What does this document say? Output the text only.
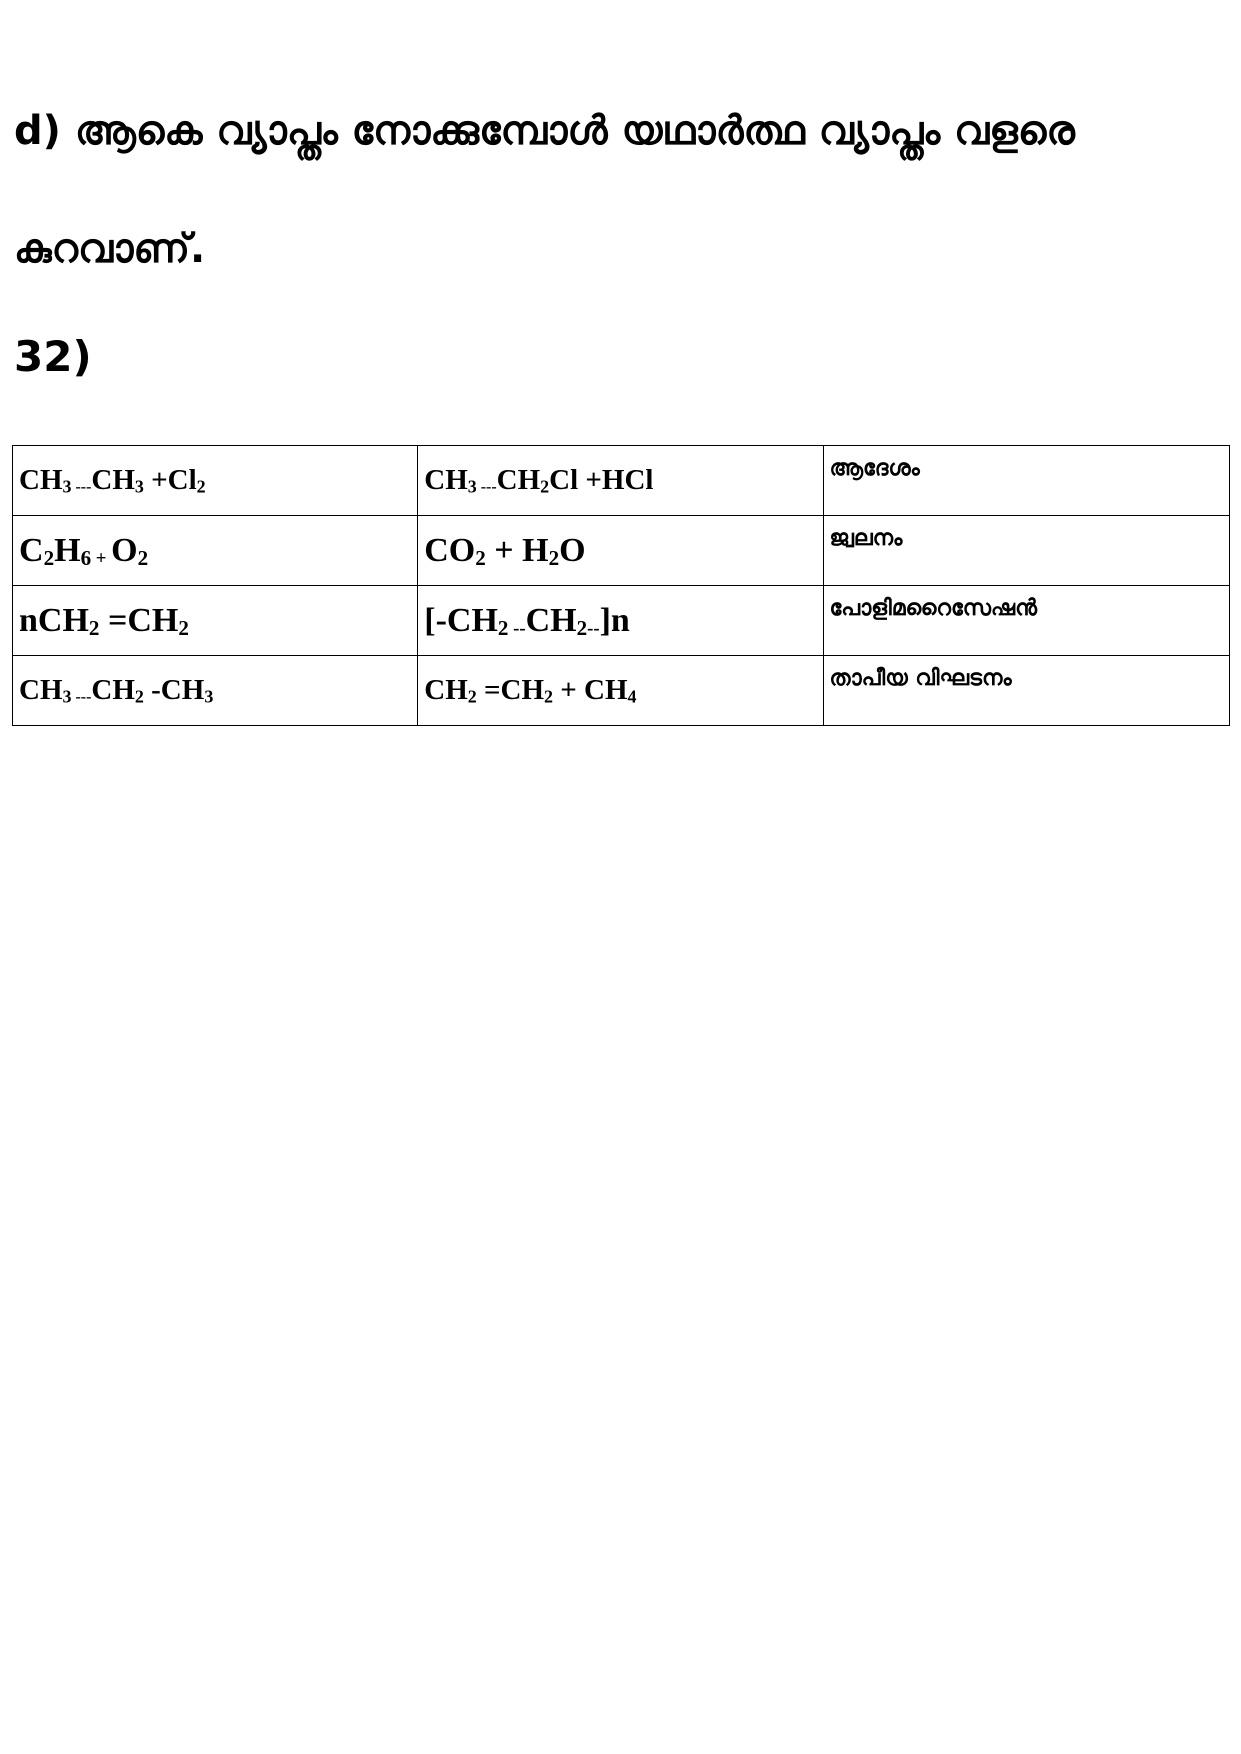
d) ആകെ വ്യാപ്തം നോക്കുമ്പോൾ യഥാർത്ഥ വ്യാപ്തം വളരെ
കുറവാണ്.
32)
$CH_3$ $---CH_3 +Cl_2$	$CH_3$ $---CH_2Cl +HCl$	ആദേശം
$C_2H_6 + O_2$	$CO_2 + H_2O$	ജ്വലനം
$nCH_2 =CH_2$	[$-CH_2$ $--CH_2--]n$	പോളിമറൈസേഷൻ
$CH_3$ $---CH_2$ $-CH_3$	$CH_2 =CH_2 + CH_4$	താപീയ വിഘടനം
